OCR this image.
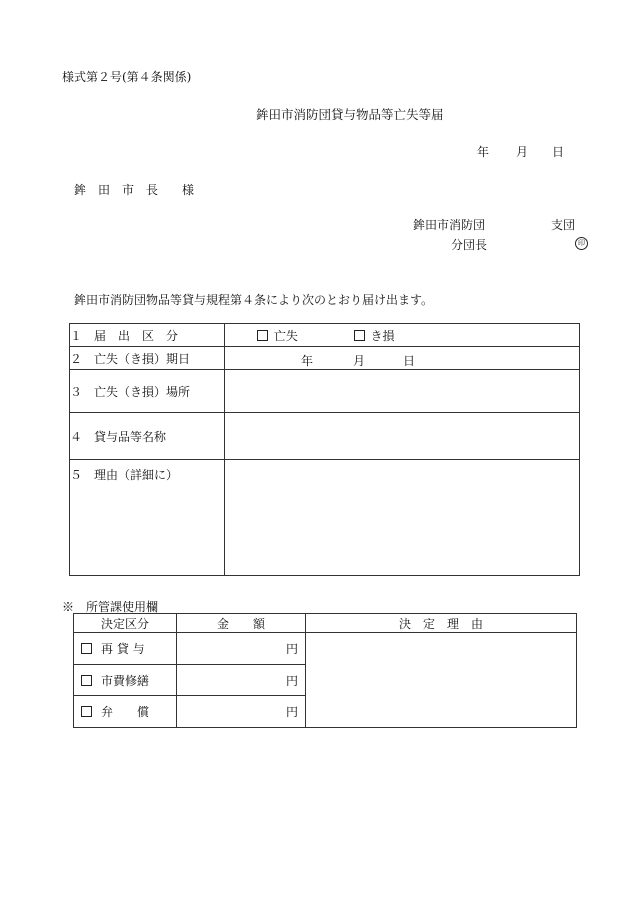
様式第２号(第４条関係)
鉾田市消防団貸与物品等亡失等届
年 月 日
鉾　田　市　長　　様
鉾田市消防団	支団
分団長	印
鉾田市消防団物品等貸与規程第４条により次のとおり届け出ます。
１　届　出　区　分	亡失 き損
２　亡失（き損）期日	年 月 日

３　亡失（き損）場所	
４　貸与品等名称	
５　理由（詳細に）	
※　所管課使用欄
決定区分	金　　額	決　定　理　由
再 貸 与	円	
市費修繕	円	
弁　　償	円	
